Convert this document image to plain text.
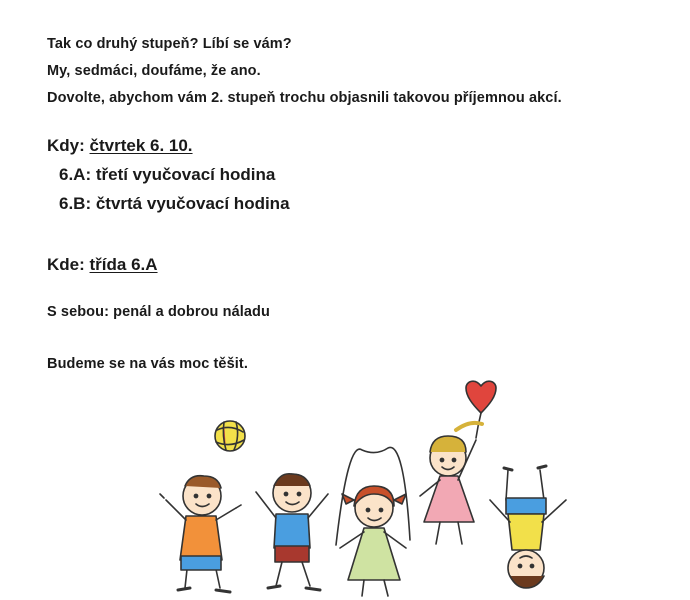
Tak co druhý stupeň? Líbí se vám?
My, sedmáci, doufáme, že ano.
Dovolte, abychom vám 2. stupeň trochu objasnili takovou příjemnou akcí.
Kdy: čtvrtek 6. 10.
6.A: třetí vyučovací hodina
6.B: čtvrtá vyučovací hodina
Kde: třída 6.A
S sebou: penál a dobrou náladu
Budeme se na vás moc těšit.
